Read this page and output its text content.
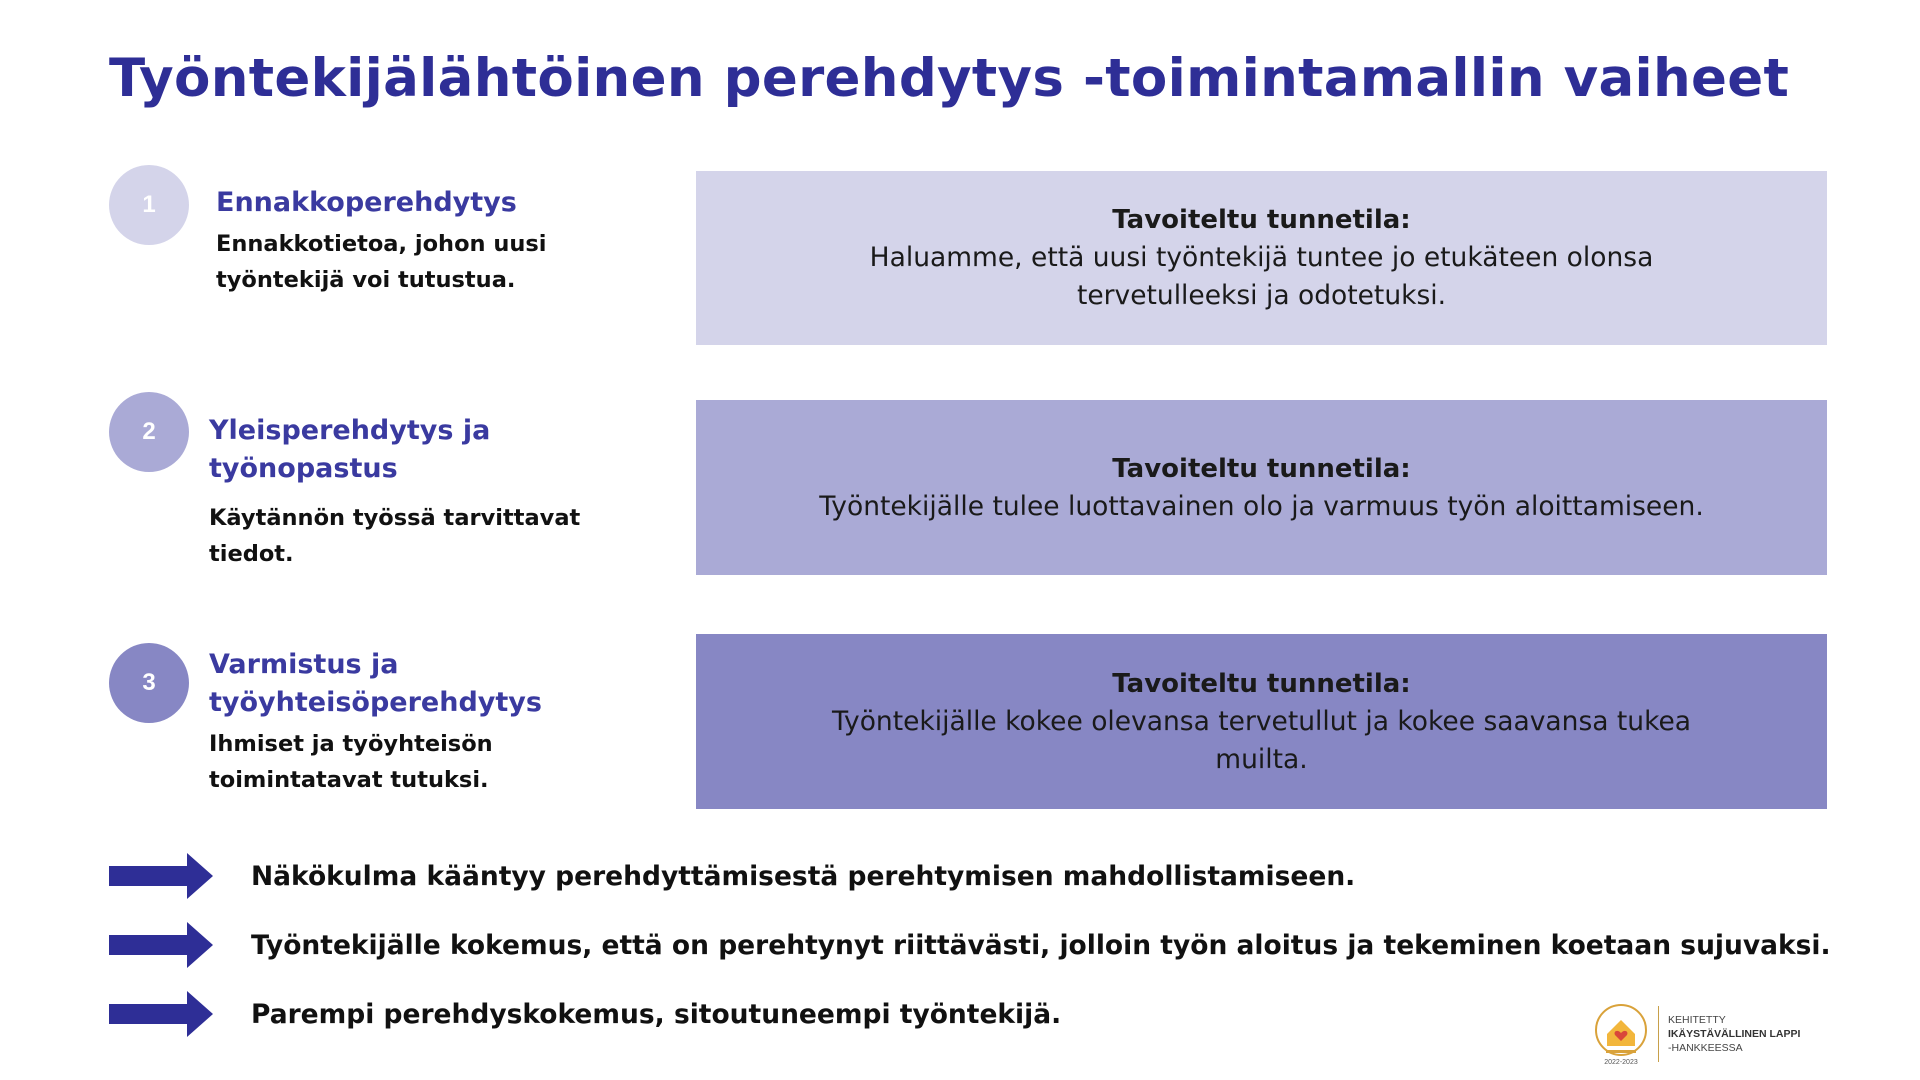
Työntekijälähtöinen perehdytys -toimintamallin vaiheet
1	Ennakkoperehdytys

Ennakkotietoa, johon uusi työntekijä voi tutustua.

Tavoiteltu tunnetila:
Haluamme, että uusi työntekijä tuntee jo etukäteen olonsa tervetulleeksi ja odotetuksi.
2	Yleisperehdytys ja työnopastus

Käytännön työssä tarvittavat tiedot.

Tavoiteltu tunnetila:
Työntekijälle tulee luottavainen olo ja varmuus työn aloittamiseen.
3

Varmistus ja työyhteisöperehdytys

Ihmiset ja työyhteisön toimintatavat tutuksi.

Tavoiteltu tunnetila:
Työntekijälle kokee olevansa tervetullut ja kokee saavansa tukea muilta.
Näkökulma kääntyy perehdyttämisestä perehtymisen mahdollistamiseen.
Työntekijälle kokemus, että on perehtynyt riittävästi, jolloin työn aloitus ja tekeminen koetaan sujuvaksi.
Parempi perehdyskokemus, sitoutuneempi työntekijä.
2022-2023
KEHITETTY
IKÄYSTÄVÄLLINEN LAPPI
-HANKKEESSA
